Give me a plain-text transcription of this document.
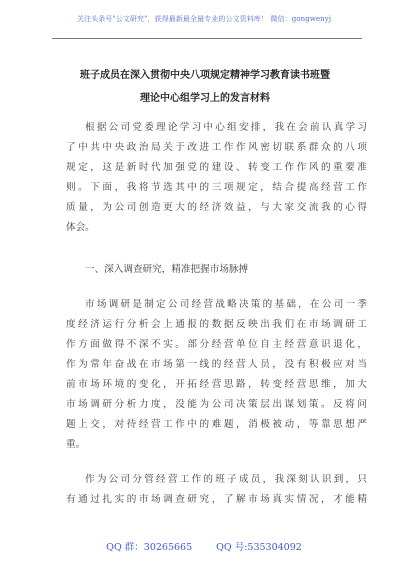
关注头条号"公文研究"，获得最新最全最专业的公文资料库！ 微信：gongwenyj
班子成员在深入贯彻中央八项规定精神学习教育读书班暨
理论中心组学习上的发言材料
根据公司党委理论学习中心组安排，我在会前认真学习
了中共中央政治局关于改进工作作风密切联系群众的八项
规定，这是新时代加强党的建设、转变工作作风的重要准
则。下面，我将节选其中的三项规定，结合提高经营工作
质量，为公司创造更大的经济效益，与大家交流我的心得
体会。
一、深入调查研究，精准把握市场脉搏
市场调研是制定公司经营战略决策的基础，在公司一季
度经济运行分析会上通报的数据反映出我们在市场调研工
作方面做得不深不实。部分经营单位自主经营意识退化，
作为常年奋战在市场第一线的经营人员，没有积极应对当
前市场环境的变化，开拓经营思路，转变经营思维，加大
市场调研分析力度，没能为公司决策层出谋划策。反将问
题上交，对待经营工作中的难题，消极被动，等靠思想严
重。
作为公司分管经营工作的班子成员，我深刻认识到，只
有通过扎实的市场调查研究，了解市场真实情况，才能精
QQ 群：30265665	QQ 号:535304092
